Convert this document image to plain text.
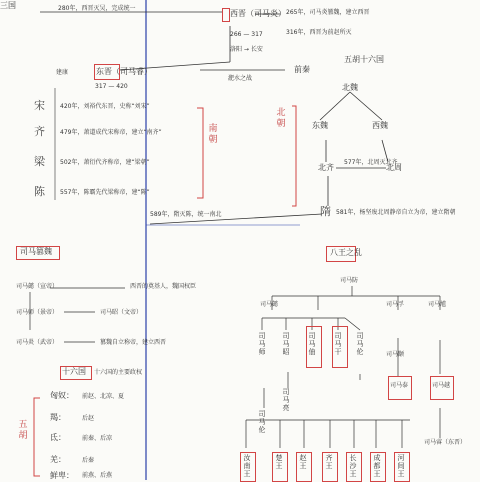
三国	280年，西晋灭吴，完成统一
西晋（司马炎）
266 — 317
洛阳 → 长安
265年，司马炎篡魏，建立西晋
316年，西晋为前赵所灭
建康	东晋（司马睿）
317 — 420
淝水之战
前秦
宋	420年，刘裕代东晋，史称“刘宋”
齐	479年，萧道成代宋称帝，建立“南齐”
梁	502年，萧衍代齐称帝，建“梁朝”
陈	557年，陈霸先代梁称帝，建“陈”
南朝
北朝
五胡十六国
北魏
东魏	西魏
北齐	北周
577年，北周灭北齐
隋 581年，杨坚废北周静帝自立为帝，建立隋朝
589年，隋灭陈，统一南北
司马篡魏
司马懿（宣帝）	西晋的奠基人，魏国权臣
司马师（景帝）	司马昭（文帝）
司马炎（武帝）	篡魏自立称帝，建立西晋
十六国 十六国的主要政权
匈奴： 前赵、北凉、夏
羯：	后赵
氐：	前秦、后凉
羌：	后秦
鲜卑： 前燕、后燕
五胡
八王之乱
司马防
司马懿	司马孚	司马馗
司马师
司马昭
司马伷
司马干
司马伦
司马泰	司马越
司马颙
司马睿（东晋）
司马亮
司马伦
汝南王
楚王
赵王
齐王
长沙王
成都王
河间王
